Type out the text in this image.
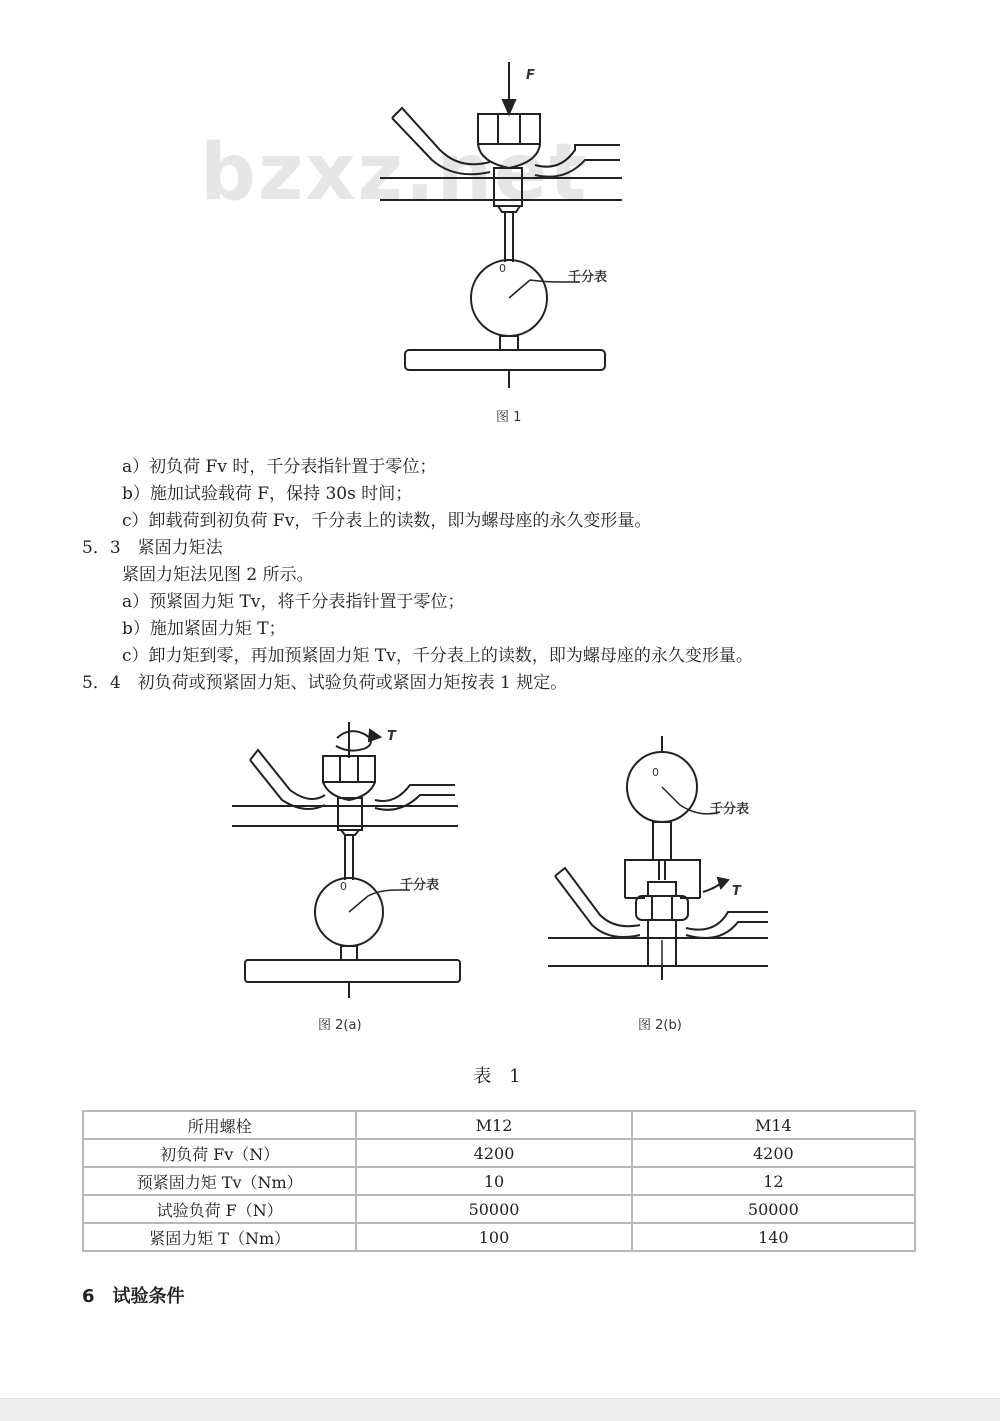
bzxz.net
F
0
千分表
图 1
a）初负荷 Fv 时，千分表指针置于零位；
b）施加试验载荷 F，保持 30s 时间；
c）卸载荷到初负荷 Fv，千分表上的读数，即为螺母座的永久变形量。
5．3　紧固力矩法
紧固力矩法见图 2 所示。
a）预紧固力矩 Tv，将千分表指针置于零位；
b）施加紧固力矩 T；
c）卸力矩到零，再加预紧固力矩 Tv，千分表上的读数，即为螺母座的永久变形量。
5．4　初负荷或预紧固力矩、试验负荷或紧固力矩按表 1 规定。
T
0	千分表
图 2(a)
0
千分表
T
图 2(b)
表 1
所用螺栓	M12	M14
初负荷 Fv（N）	4200	4200
预紧固力矩 Tv（Nm）	10	12
试验负荷 F（N）	50000	50000
紧固力矩 T（Nm）	100	140
6　试验条件
